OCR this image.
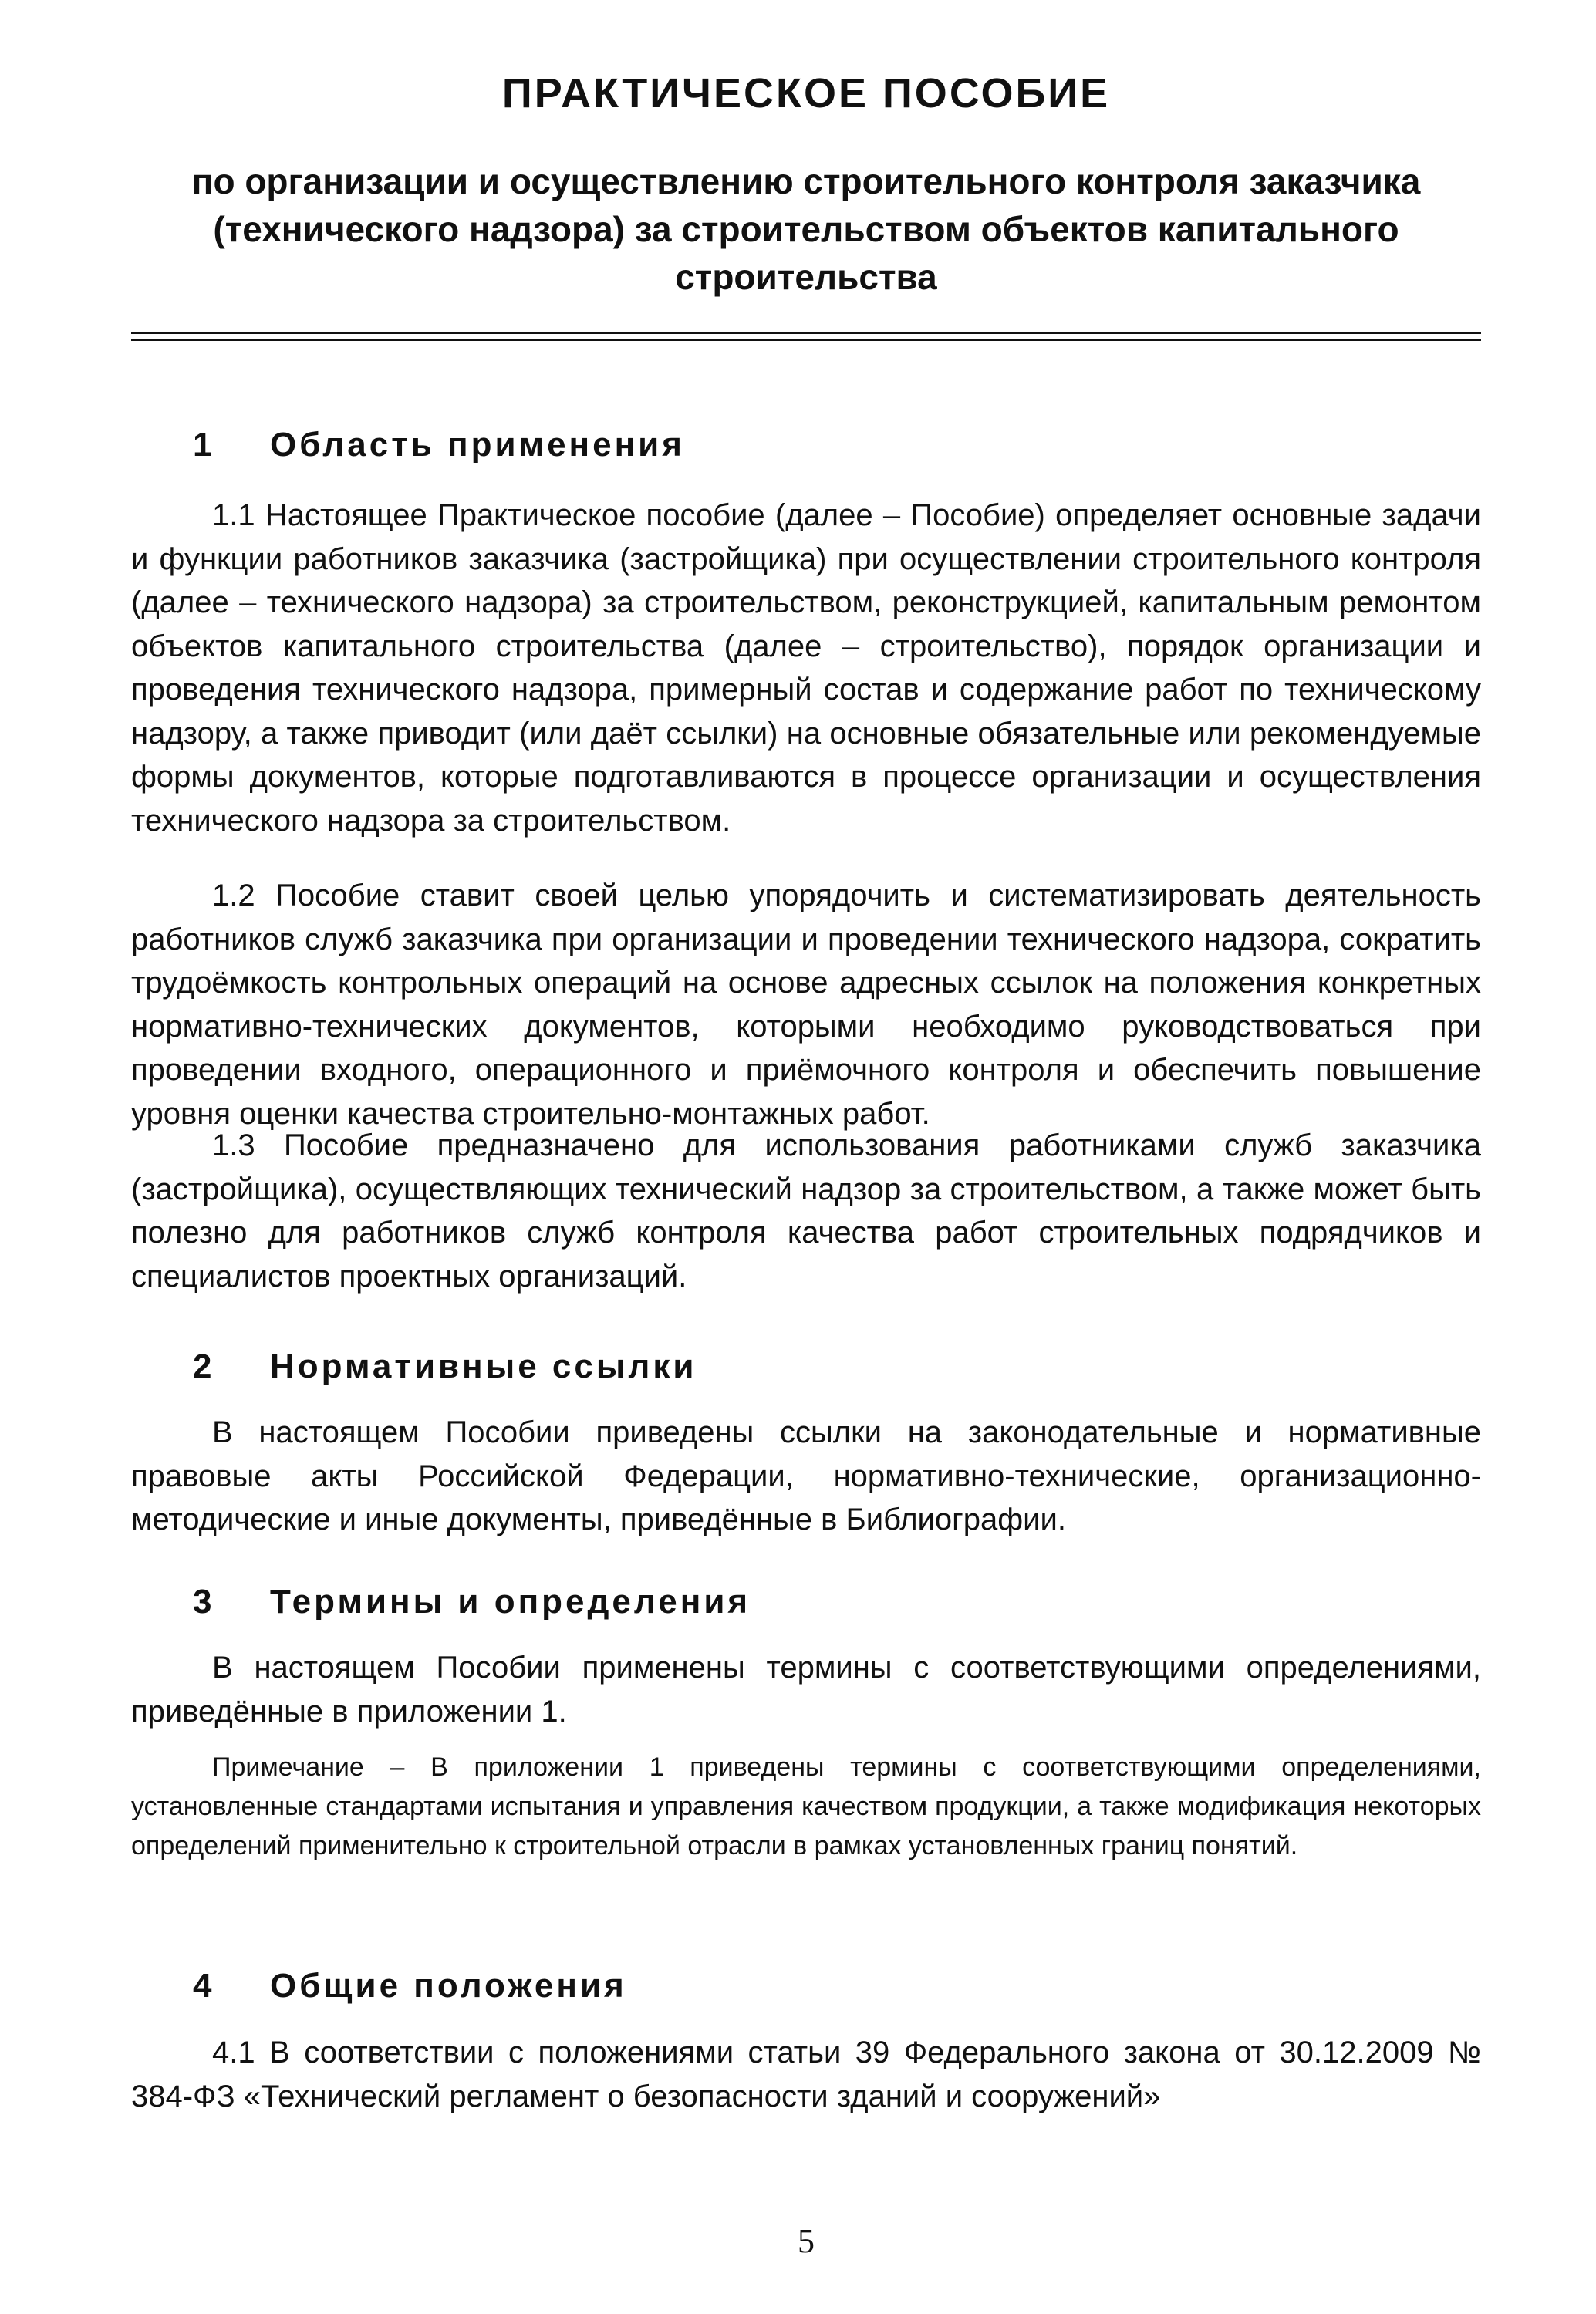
ПРАКТИЧЕСКОЕ ПОСОБИЕ
по организации и осуществлению строительного контроля заказчика (технического надзора) за строительством объектов капитального строительства
1 Область применения

1.1 Настоящее Практическое пособие (далее – Пособие) определяет основные задачи и функции работников заказчика (застройщика) при осуществлении строительного контроля (далее – технического надзора) за строительством, реконструкцией, капитальным ремонтом объектов капитального строительства (далее – строительство), порядок организации и проведения технического надзора, примерный состав и содержание работ по техническому надзору, а также приводит (или даёт ссылки) на основные обязательные или рекомендуемые формы документов, которые подготавливаются в процессе организации и осуществления технического надзора за строительством.

1.2 Пособие ставит своей целью упорядочить и систематизировать деятельность работников служб заказчика при организации и проведении технического надзора, сократить трудоёмкость контрольных операций на основе адресных ссылок на положения конкретных нормативно-технических документов, которыми необходимо руководствоваться при проведении входного, операционного и приёмочного контроля и обеспечить повышение уровня оценки качества строительно-монтажных работ.

1.3 Пособие предназначено для использования работниками служб заказчика (застройщика), осуществляющих технический надзор за строительством, а также может быть полезно для работников служб контроля качества работ строительных подрядчиков и специалистов проектных организаций.

2 Нормативные ссылки

В настоящем Пособии приведены ссылки на законодательные и нормативные правовые акты Российской Федерации, нормативно-технические, организационно-методические и иные документы, приведённые в Библиографии.

3 Термины и определения

В настоящем Пособии применены термины с соответствующими определениями, приведённые в приложении 1.

Примечание – В приложении 1 приведены термины с соответствующими определениями, установленные стандартами испытания и управления качеством продукции, а также модификация некоторых определений применительно к строительной отрасли в рамках установленных границ понятий.

4 Общие положения

4.1 В соответствии с положениями статьи 39 Федерального закона от 30.12.2009 № 384-ФЗ «Технический регламент о безопасности зданий и сооружений»

5
